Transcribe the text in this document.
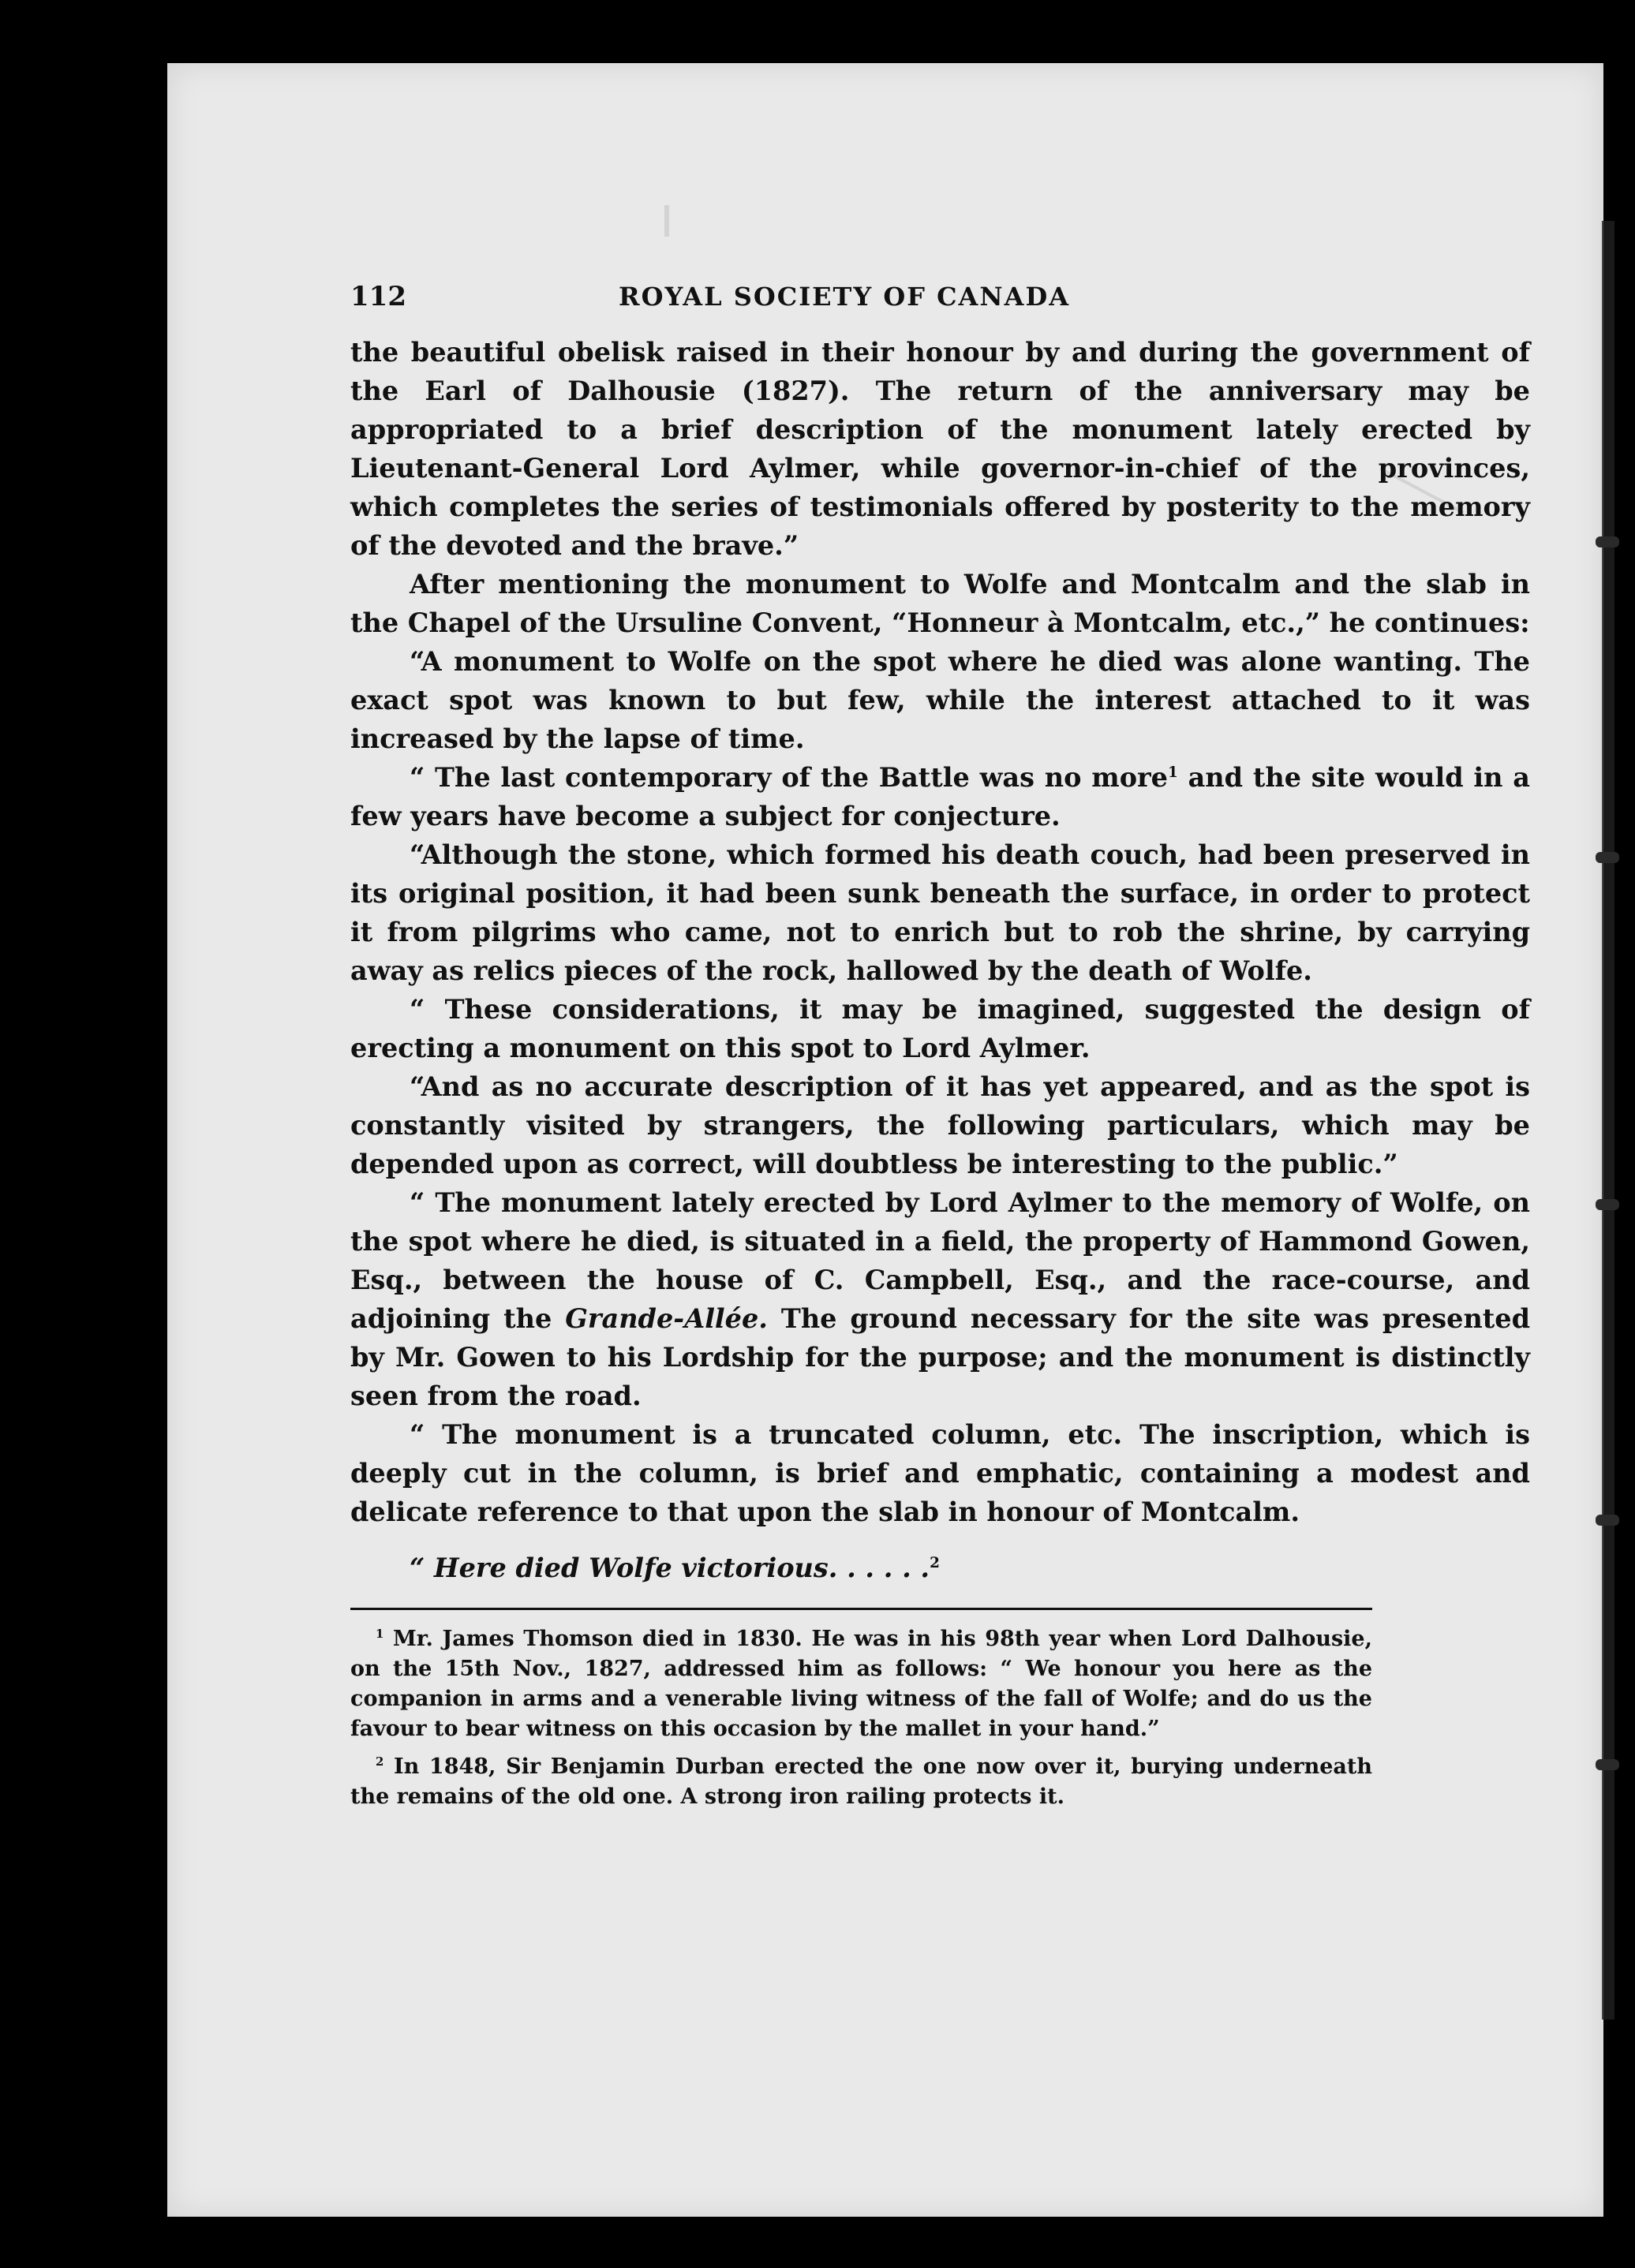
112	ROYAL SOCIETY OF CANADA

the beautiful obelisk raised in their honour by and during the government of the Earl of Dalhousie (1827). The return of the anniversary may be appropriated to a brief description of the monument lately erected by Lieutenant-General Lord Aylmer, while governor-in-chief of the provinces, which completes the series of testimonials offered by posterity to the memory of the devoted and the brave.”

After mentioning the monument to Wolfe and Montcalm and the slab in the Chapel of the Ursuline Convent, “Honneur à Montcalm, etc.,” he continues:

“A monument to Wolfe on the spot where he died was alone wanting. The exact spot was known to but few, while the interest attached to it was increased by the lapse of time.

“ The last contemporary of the Battle was no more$^1$ and the site would in a few years have become a subject for conjecture.

“Although the stone, which formed his death couch, had been preserved in its original position, it had been sunk beneath the surface, in order to protect it from pilgrims who came, not to enrich but to rob the shrine, by carrying away as relics pieces of the rock, hallowed by the death of Wolfe.

“ These considerations, it may be imagined, suggested the design of erecting a monument on this spot to Lord Aylmer.

“And as no accurate description of it has yet appeared, and as the spot is constantly visited by strangers, the following particulars, which may be depended upon as correct, will doubtless be interesting to the public.”

“ The monument lately erected by Lord Aylmer to the memory of Wolfe, on the spot where he died, is situated in a field, the property of Hammond Gowen, Esq., between the house of C. Campbell, Esq., and the race-course, and adjoining the Grande-Allée. The ground necessary for the site was presented by Mr. Gowen to his Lordship for the purpose; and the monument is distinctly seen from the road.

“ The monument is a truncated column, etc. The inscription, which is deeply cut in the column, is brief and emphatic, containing a modest and delicate reference to that upon the slab in honour of Montcalm.

“ Here died Wolfe victorious. . . . . .$^2$

$^1$ Mr. James Thomson died in 1830. He was in his 98th year when Lord Dalhousie, on the 15th Nov., 1827, addressed him as follows: “ We honour you here as the companion in arms and a venerable living witness of the fall of Wolfe; and do us the favour to bear witness on this occasion by the mallet in your hand.”

$^2$ In 1848, Sir Benjamin Durban erected the one now over it, burying underneath the remains of the old one. A strong iron railing protects it.
